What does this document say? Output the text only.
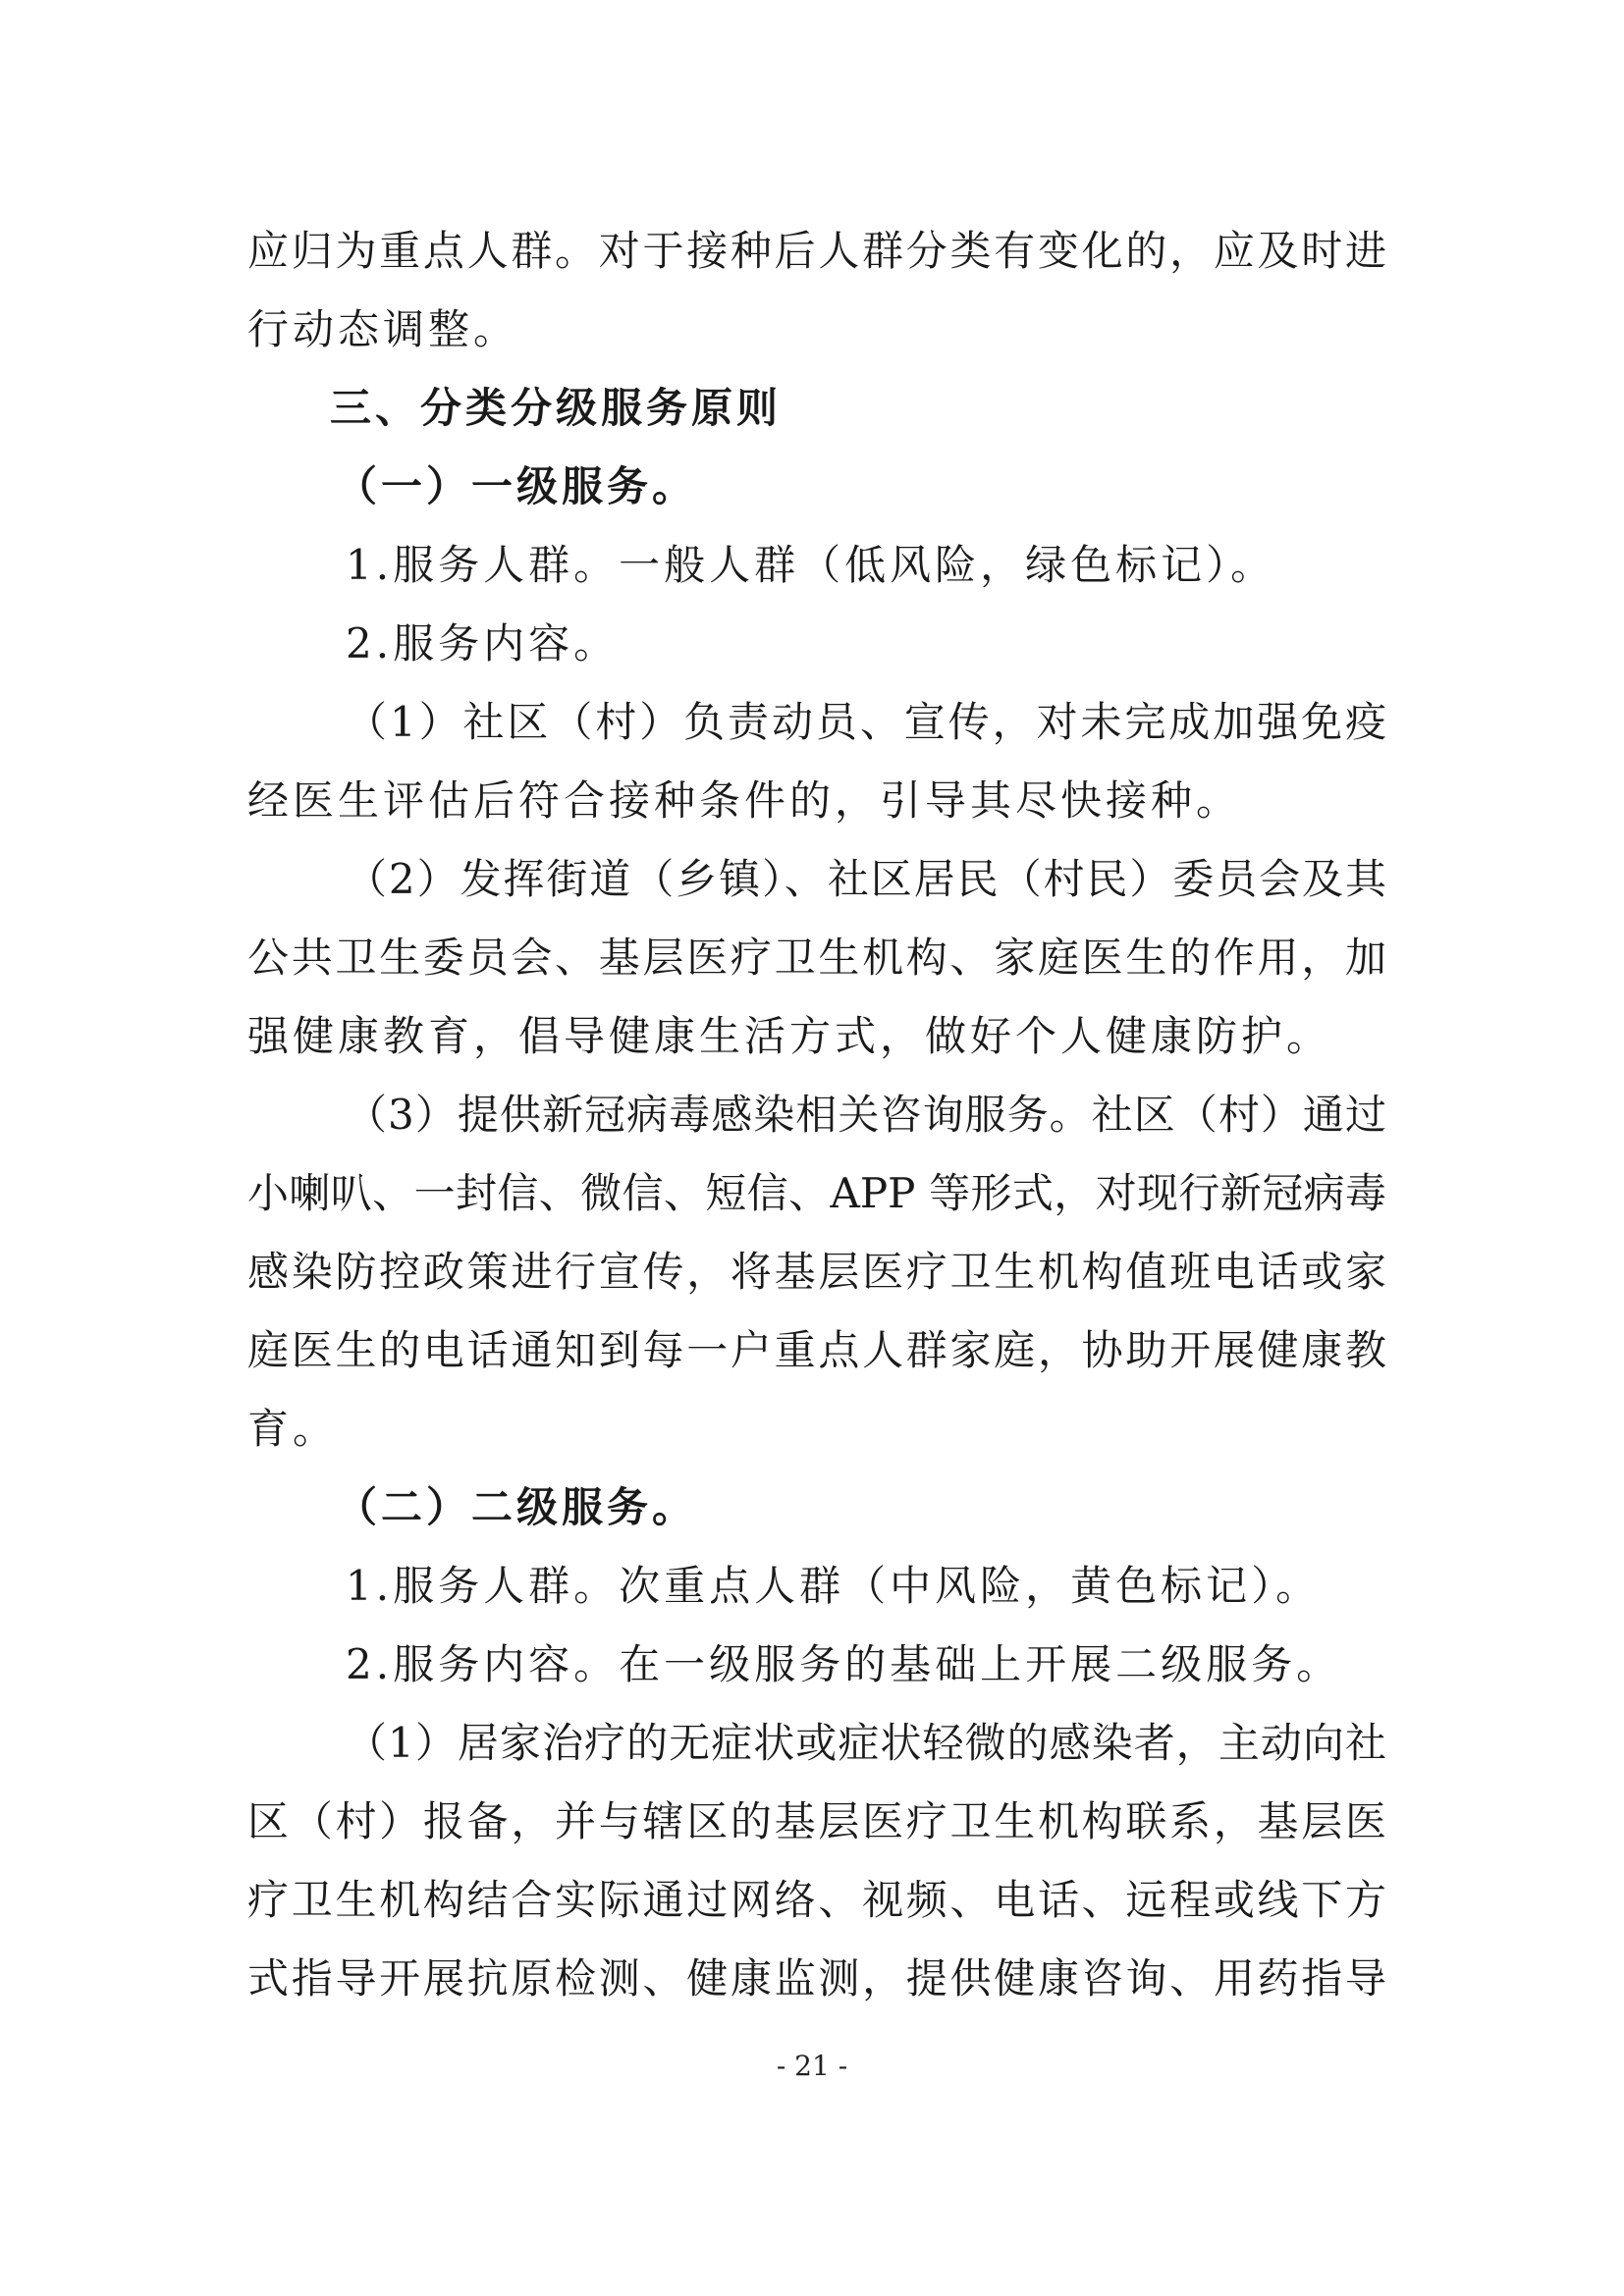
应归为重点人群。对于接种后人群分类有变化的，应及时进
行动态调整。
三、分类分级服务原则
（一）一级服务。
1.服务人群。一般人群（低风险，绿色标记）。
2.服务内容。
（1）社区（村）负责动员、宣传，对未完成加强免疫
经医生评估后符合接种条件的，引导其尽快接种。
（2）发挥街道（乡镇）、社区居民（村民）委员会及其
公共卫生委员会、基层医疗卫生机构、家庭医生的作用，加
强健康教育，倡导健康生活方式，做好个人健康防护。
（3）提供新冠病毒感染相关咨询服务。社区（村）通过
小喇叭、一封信、微信、短信、APP 等形式，对现行新冠病毒
感染防控政策进行宣传，将基层医疗卫生机构值班电话或家
庭医生的电话通知到每一户重点人群家庭，协助开展健康教
育。
（二）二级服务。
1.服务人群。次重点人群（中风险，黄色标记）。
2.服务内容。在一级服务的基础上开展二级服务。
（1）居家治疗的无症状或症状轻微的感染者，主动向社
区（村）报备，并与辖区的基层医疗卫生机构联系，基层医
疗卫生机构结合实际通过网络、视频、电话、远程或线下方
式指导开展抗原检测、健康监测，提供健康咨询、用药指导
- 21 -
